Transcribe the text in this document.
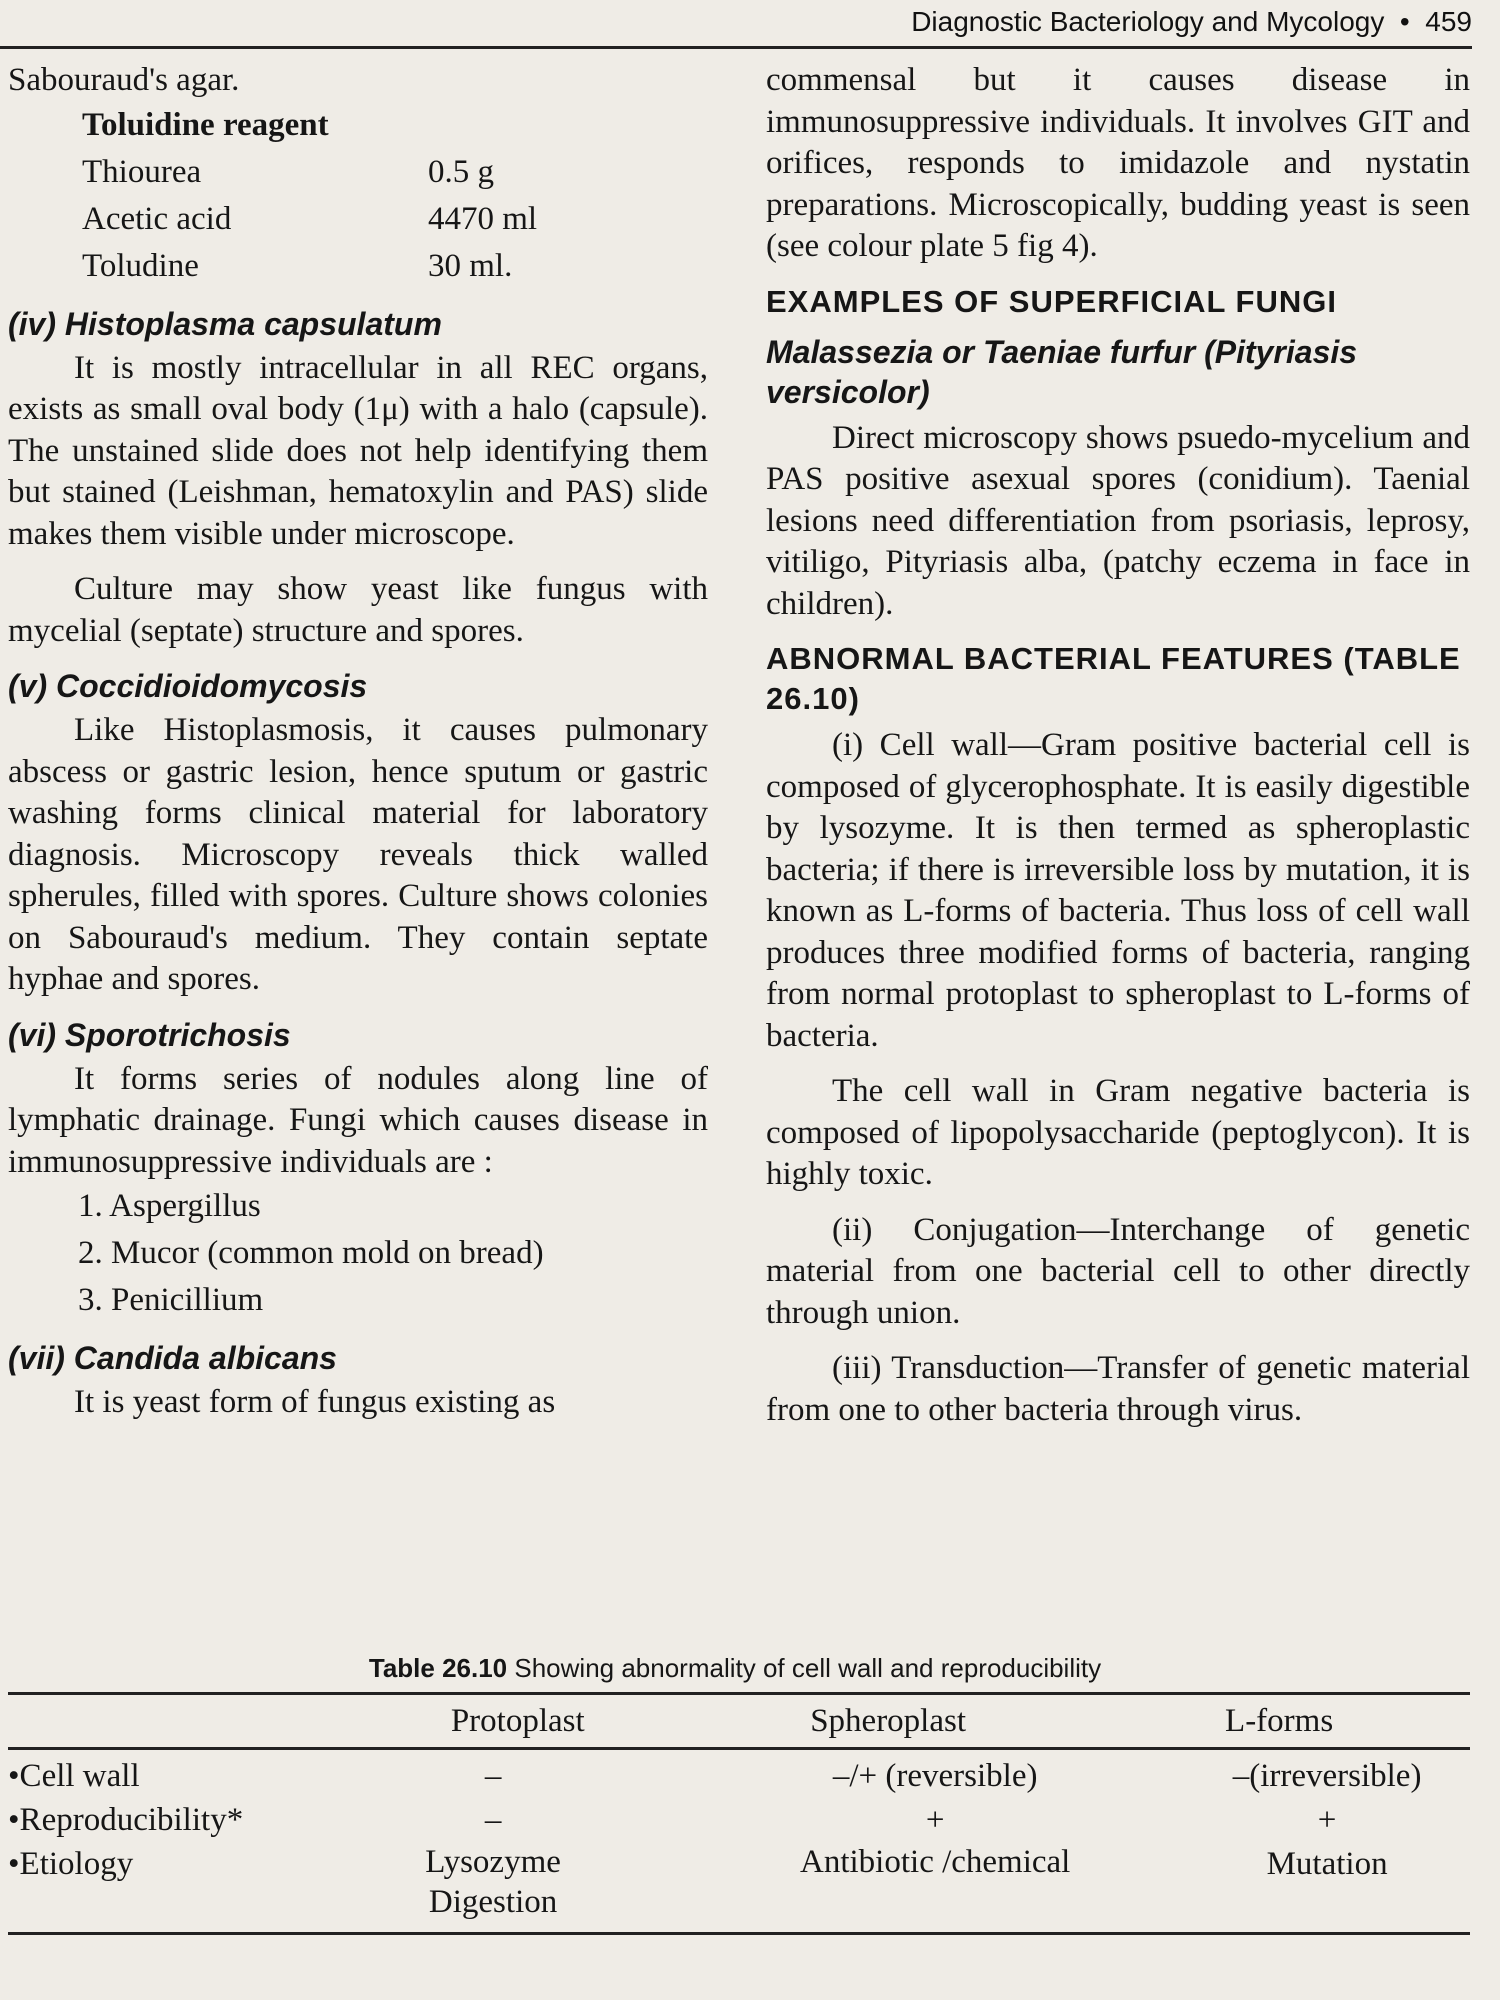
Diagnostic Bacteriology and Mycology  •  459

Sabouraud's agar.

Toluidine reagent
Thiourea	0.5 g
Acetic acid	4470 ml
Toludine	30 ml.
(iv) Histoplasma capsulatum

It is mostly intracellular in all REC organs, exists as small oval body (1μ) with a halo (capsule). The unstained slide does not help identifying them but stained (Leishman, hematoxylin and PAS) slide makes them visible under microscope.

Culture may show yeast like fungus with mycelial (septate) structure and spores.

(v) Coccidioidomycosis

Like Histoplasmosis, it causes pulmonary abscess or gastric lesion, hence sputum or gastric washing forms clinical material for laboratory diagnosis. Microscopy reveals thick walled spherules, filled with spores. Culture shows colonies on Sabouraud's medium. They contain septate hyphae and spores.

(vi) Sporotrichosis

It forms series of nodules along line of lymphatic drainage. Fungi which causes disease in immunosuppressive individuals are :

1. Aspergillus
2. Mucor (common mold on bread)
3. Penicillium
(vii) Candida albicans

It is yeast form of fungus existing as

commensal but it causes disease in immunosuppressive individuals. It involves GIT and orifices, responds to imidazole and nystatin preparations. Microscopically, budding yeast is seen (see colour plate 5 fig 4).

EXAMPLES OF SUPERFICIAL FUNGI
Malassezia or Taeniae furfur (Pityriasis versicolor)

Direct microscopy shows psuedo-mycelium and PAS positive asexual spores (conidium). Taenial lesions need differentiation from psoriasis, leprosy, vitiligo, Pityriasis alba, (patchy eczema in face in children).

ABNORMAL BACTERIAL FEATURES (TABLE 26.10)

(i) Cell wall—Gram positive bacterial cell is composed of glycerophosphate. It is easily digestible by lysozyme. It is then termed as spheroplastic bacteria; if there is irreversible loss by mutation, it is known as L-forms of bacteria. Thus loss of cell wall produces three modified forms of bacteria, ranging from normal protoplast to spheroplast to L-forms of bacteria.

The cell wall in Gram negative bacteria is composed of lipopolysaccharide (peptoglycon). It is highly toxic.

(ii) Conjugation—Interchange of genetic material from one bacterial cell to other directly through union.

(iii) Transduction—Transfer of genetic material from one to other bacteria through virus.

Table 26.10 Showing abnormality of cell wall and reproducibility
	Protoplast	Spheroplast	L-forms
•Cell wall	–	–/+ (reversible)	–(irreversible)
•Reproducibility*	–	+	+
•Etiology	Lysozyme Digestion	Antibiotic /chemical	Mutation
